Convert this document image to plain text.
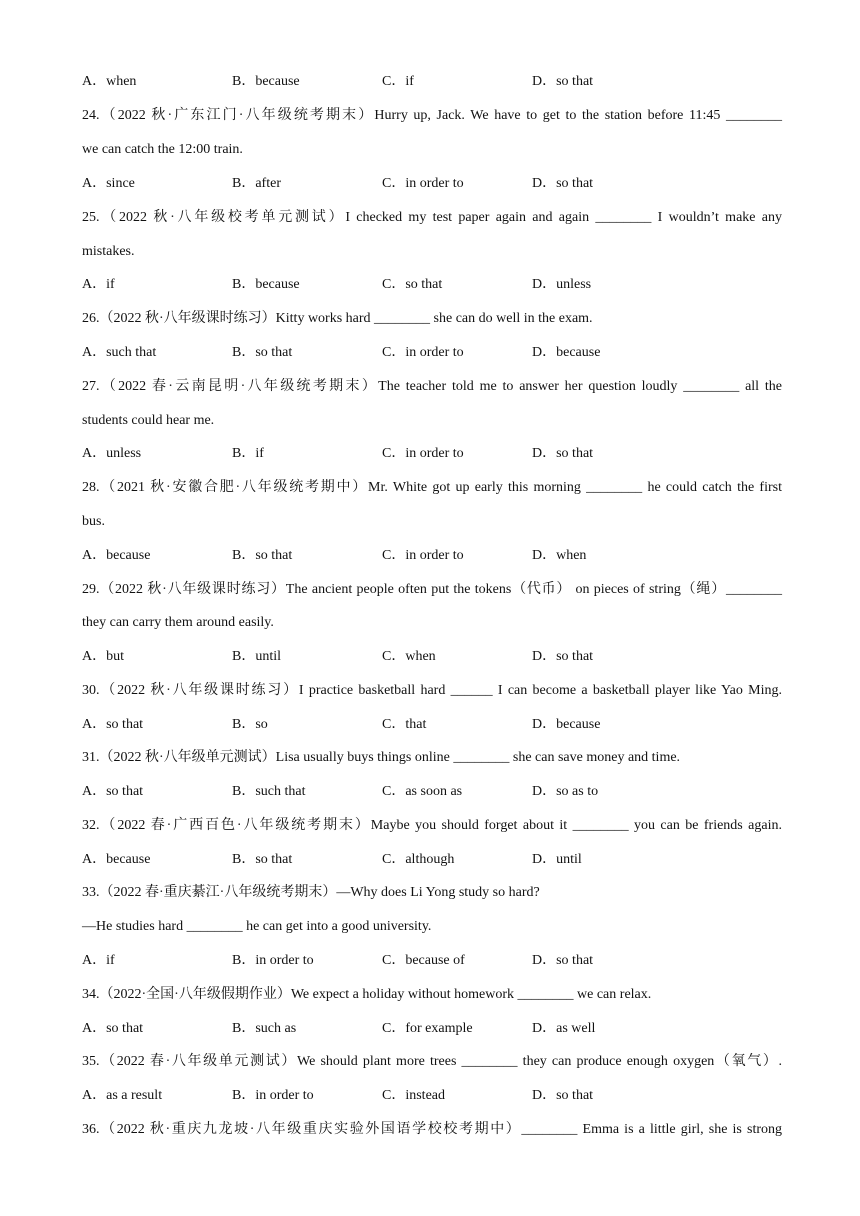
A．when	B．because	C．if	D．so that
24.（2022 秋·广东江门·八年级统考期末）Hurry up, Jack. We have to get to the station before 11:45 ________
we can catch the 12:00 train.
A．since	B．after	C．in order to	D．so that
25.（2022 秋·八年级校考单元测试）I checked my test paper again and again ________ I wouldn’t make any
mistakes.
A．if	B．because	C．so that	D．unless
26.（2022 秋·八年级课时练习）Kitty works hard ________ she can do well in the exam.
A．such that	B．so that	C．in order to	D．because
27.（2022 春·云南昆明·八年级统考期末）The teacher told me to answer her question loudly ________ all the
students could hear me.
A．unless	B．if	C．in order to	D．so that
28.（2021 秋·安徽合肥·八年级统考期中）Mr. White got up early this morning ________ he could catch the first
bus.
A．because	B．so that	C．in order to	D．when
29.（2022 秋·八年级课时练习）The ancient people often put the tokens（代币） on pieces of string（绳）________
they can carry them around easily.
A．but	B．until	C．when	D．so that
30.（2022 秋·八年级课时练习）I practice basketball hard ______ I can become a basketball player like Yao Ming.
A．so that	B．so	C．that	D．because
31.（2022 秋·八年级单元测试）Lisa usually buys things online ________ she can save money and time.
A．so that	B．such that	C．as soon as	D．so as to
32.（2022 春·广西百色·八年级统考期末）Maybe you should forget about it ________ you can be friends again.
A．because	B．so that	C．although	D．until
33.（2022 春·重庆綦江·八年级统考期末）—Why does Li Yong study so hard?
—He studies hard ________ he can get into a good university.
A．if	B．in order to	C．because of	D．so that
34.（2022·全国·八年级假期作业）We expect a holiday without homework ________ we can relax.
A．so that	B．such as	C．for example	D．as well
35.（2022 春·八年级单元测试）We should plant more trees ________ they can produce enough oxygen（氧气）.
A．as a result	B．in order to	C．instead	D．so that
36.（2022 秋·重庆九龙坡·八年级重庆实验外国语学校校考期中）________ Emma is a little girl, she is strong
